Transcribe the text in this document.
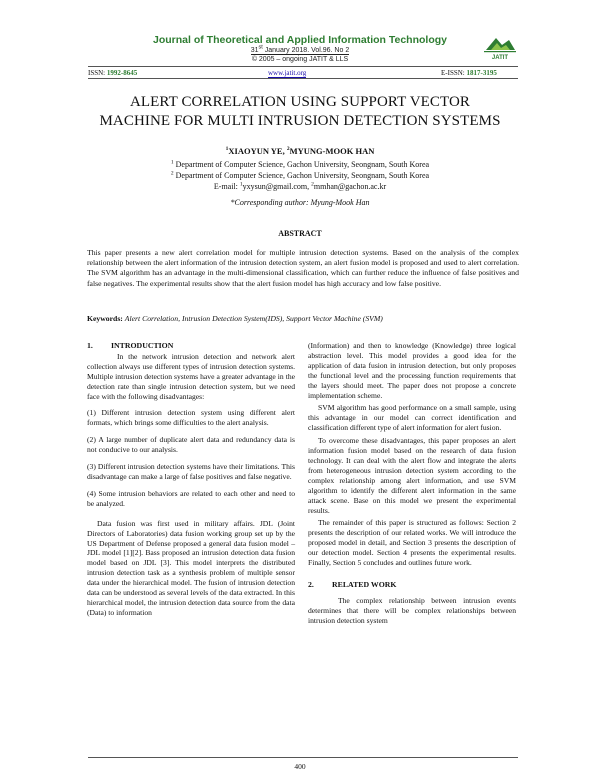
Journal of Theoretical and Applied Information Technology
31st January 2018. Vol.96. No 2
© 2005 – ongoing JATIT & LLS	JATIT
ISSN: 1992-8645	www.jatit.org	E-ISSN: 1817-3195
ALERT CORRELATION USING SUPPORT VECTOR
MACHINE FOR MULTI INTRUSION DETECTION SYSTEMS
$^1$XIAOYUN YE, $^2$MYUNG-MOOK HAN
$^1$ Department of Computer Science, Gachon University, Seongnam, South Korea
$^2$ Department of Computer Science, Gachon University, Seongnam, South Korea
E-mail: $^1$yxysun@gmail.com, $^2$mmhan@gachon.ac.kr
*Corresponding author: Myung-Mook Han
ABSTRACT

This paper presents a new alert correlation model for multiple intrusion detection systems. Based on the analysis of the complex relationship between the alert information of the intrusion detection system, an alert fusion model is proposed and used to alert correlation. The SVM algorithm has an advantage in the multi-dimensional classification, which can further reduce the influence of false positives and false negatives. The experimental results show that the alert fusion model has high accuracy and low false positive.

Keywords: Alert Correlation, Intrusion Detection System(IDS), Support Vector Machine (SVM)

1. INTRODUCTION

In the network intrusion detection and network alert collection always use different types of intrusion detection systems. Multiple intrusion detection systems have a greater advantage in the detection rate than single intrusion detection system, but we need face with the following disadvantages:

(1) Different intrusion detection system using different alert formats, which brings some difficulties to the alert analysis.

(2) A large number of duplicate alert data and redundancy data is not conducive to our analysis.

(3) Different intrusion detection systems have their limitations. This disadvantage can make a large of false positives and false negative.

(4) Some intrusion behaviors are related to each other and need to be analyzed.

Data fusion was first used in military affairs. JDL (Joint Directors of Laboratories) data fusion working group set up by the US Department of Defense proposed a general data fusion model – JDL model [1][2]. Bass proposed an intrusion detection data fusion model based on JDL [3]. This model interprets the distributed intrusion detection task as a synthesis problem of multiple sensor data under the hierarchical model. The fusion of intrusion detection data can be understood as several levels of the data extracted. In this hierarchical model, the intrusion detection data source from the data (Data) to information

(Information) and then to knowledge (Knowledge) three logical abstraction level. This model provides a good idea for the application of data fusion in intrusion detection, but only proposes the functional level and the processing function requirements that the layers should meet. The paper does not propose a concrete implementation scheme.

SVM algorithm has good performance on a small sample, using this advantage in our model can correct identification and classification different type of alert information for alert fusion.

To overcome these disadvantages, this paper proposes an alert information fusion model based on the research of data fusion technology. It can deal with the alert flow and integrate the alerts from heterogeneous intrusion detection system according to the complex relationship among alert information, and use SVM algorithm to identify the different alert information in the same attack scene. Base on this model we present the experimental results.

The remainder of this paper is structured as follows: Section 2 presents the description of our related works. We will introduce the proposed model in detail, and Section 3 presents the description of our detection model. Section 4 presents the experimental results. Finally, Section 5 concludes and outlines future work.

2. RELATED WORK

The complex relationship between intrusion events determines that there will be complex relationships between intrusion detection system

400
